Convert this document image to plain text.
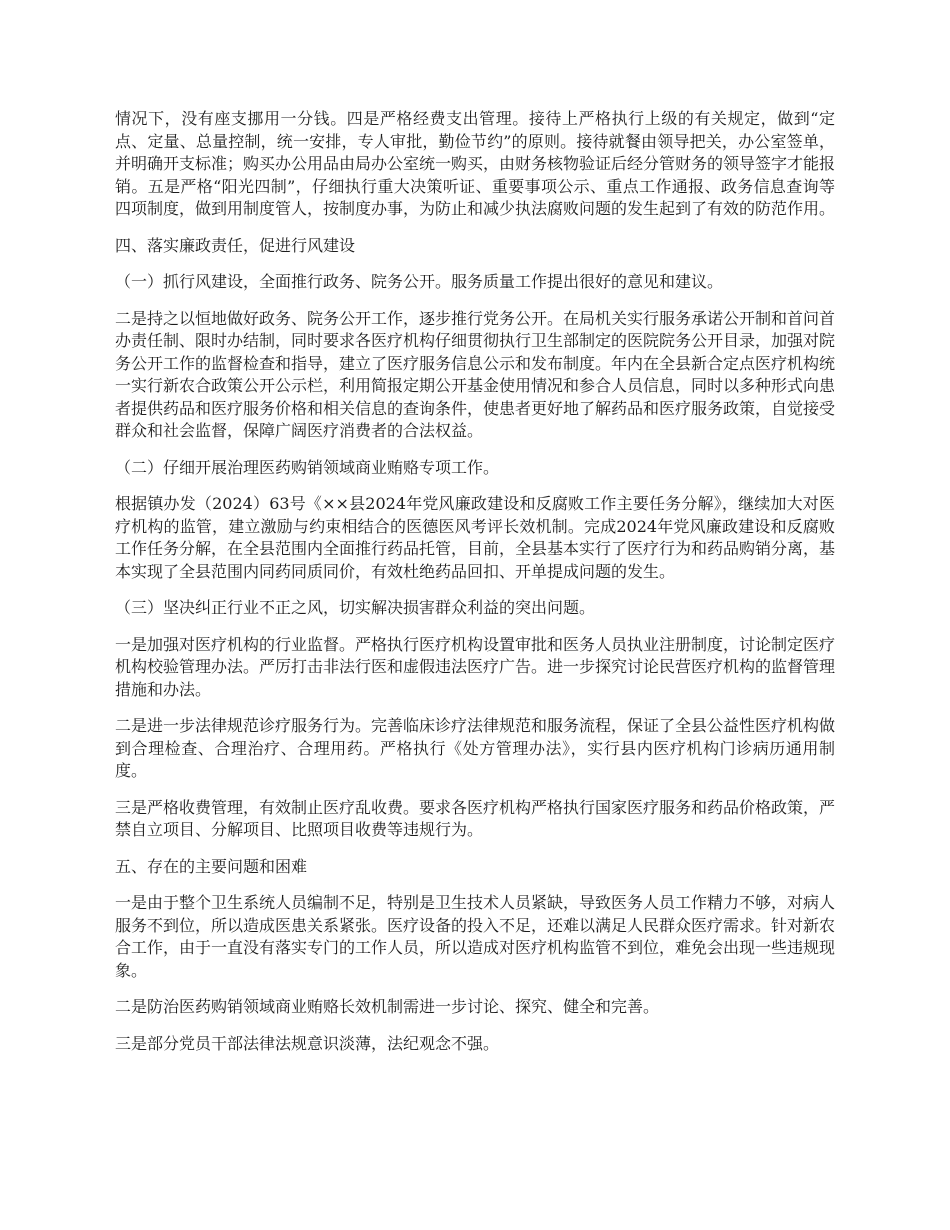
情况下，没有座支挪用一分钱。四是严格经费支出管理。接待上严格执行上级的有关规定，做到“定点、定量、总量控制，统一安排，专人审批，勤俭节约”的原则。接待就餐由领导把关，办公室签单，并明确开支标准；购买办公用品由局办公室统一购买，由财务核物验证后经分管财务的领导签字才能报销。五是严格“阳光四制”，仔细执行重大决策听证、重要事项公示、重点工作通报、政务信息查询等四项制度，做到用制度管人，按制度办事，为防止和减少执法腐败问题的发生起到了有效的防范作用。

四、落实廉政责任，促进行风建设

（一）抓行风建设，全面推行政务、院务公开。服务质量工作提出很好的意见和建议。

二是持之以恒地做好政务、院务公开工作，逐步推行党务公开。在局机关实行服务承诺公开制和首问首办责任制、限时办结制，同时要求各医疗机构仔细贯彻执行卫生部制定的医院院务公开目录，加强对院务公开工作的监督检查和指导，建立了医疗服务信息公示和发布制度。年内在全县新合定点医疗机构统一实行新农合政策公开公示栏，利用简报定期公开基金使用情况和参合人员信息，同时以多种形式向患者提供药品和医疗服务价格和相关信息的查询条件，使患者更好地了解药品和医疗服务政策，自觉接受群众和社会监督，保障广阔医疗消费者的合法权益。

（二）仔细开展治理医药购销领域商业贿赂专项工作。

根据镇办发（2024）63号《××县2024年党风廉政建设和反腐败工作主要任务分解》，继续加大对医疗机构的监管，建立激励与约束相结合的医德医风考评长效机制。完成2024年党风廉政建设和反腐败工作任务分解，在全县范围内全面推行药品托管，目前，全县基本实行了医疗行为和药品购销分离，基本实现了全县范围内同药同质同价，有效杜绝药品回扣、开单提成问题的发生。

（三）坚决纠正行业不正之风，切实解决损害群众利益的突出问题。

一是加强对医疗机构的行业监督。严格执行医疗机构设置审批和医务人员执业注册制度，讨论制定医疗机构校验管理办法。严厉打击非法行医和虚假违法医疗广告。进一步探究讨论民营医疗机构的监督管理措施和办法。

二是进一步法律规范诊疗服务行为。完善临床诊疗法律规范和服务流程，保证了全县公益性医疗机构做到合理检查、合理治疗、合理用药。严格执行《处方管理办法》，实行县内医疗机构门诊病历通用制度。

三是严格收费管理，有效制止医疗乱收费。要求各医疗机构严格执行国家医疗服务和药品价格政策，严禁自立项目、分解项目、比照项目收费等违规行为。

五、存在的主要问题和困难

一是由于整个卫生系统人员编制不足，特别是卫生技术人员紧缺，导致医务人员工作精力不够，对病人服务不到位，所以造成医患关系紧张。医疗设备的投入不足，还难以满足人民群众医疗需求。针对新农合工作，由于一直没有落实专门的工作人员，所以造成对医疗机构监管不到位，难免会出现一些违规现象。

二是防治医药购销领域商业贿赂长效机制需进一步讨论、探究、健全和完善。

三是部分党员干部法律法规意识淡薄，法纪观念不强。
